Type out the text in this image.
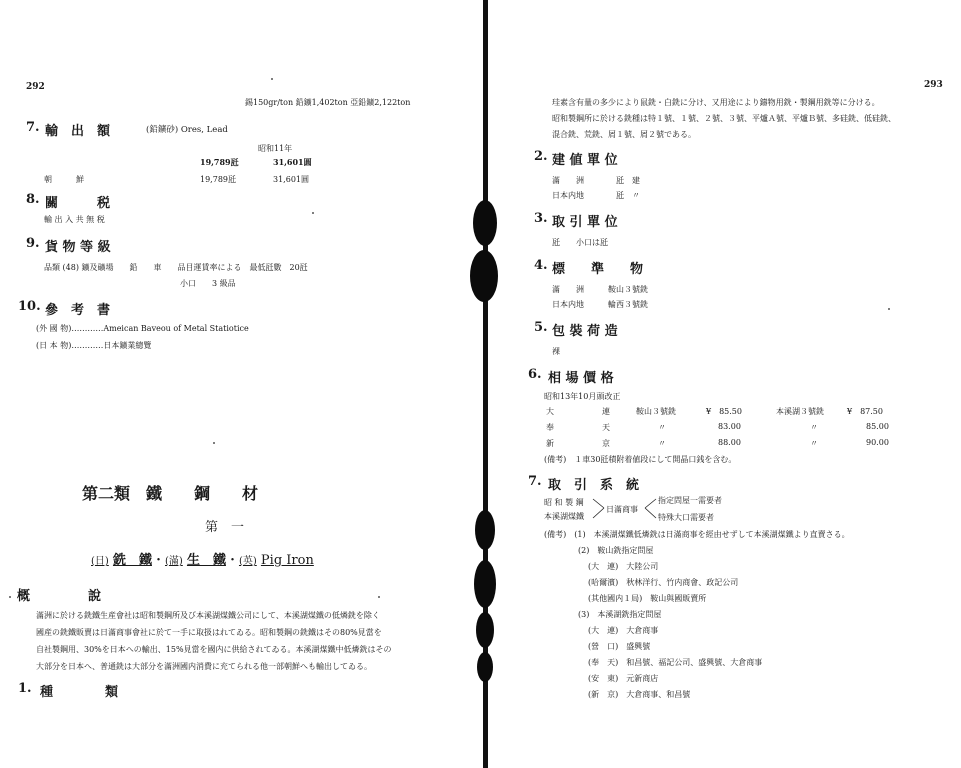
292
錫150gr/ton 鉛鑛1,402ton 亞鉛鑛2,122ton
7. 輸　出　額	(鉛鑛砂) Ores, Lead
昭和11年
19,789瓩	31,601圓
朝　　　鮮	19,789瓩	31,601圓
8. 關　　　税
輸 出 入 共 無 税
9. 貨 物 等 級
品類 (48) 鑛及礦場　　鉛　　車　　品目運賃率による　最低瓩數　20瓩
小口　　3 級品
10. 參　考　書
(外 國 物)…………Ameican Baveou of Metal Statiotice
(日 本 物)…………日本鑛業總覽
第二類　鐵　　鋼　　材
第　一
(日) 銑　鐵・(滿) 生　鐵・(英) Pig Iron
概	說
滿洲に於ける銑鐵生産會社は昭和製鋼所及び本溪湖煤鐵公司にして、本溪湖煤鐵の低燐銑を除く
國産の銑鐵販賣は日滿商事會社に於て一手に取扱はれてゐる。昭和製鋼の銑鐵はその80%見當を
自社製鋼用、30%を日本への輸出、15%見當を國内に供給されてゐる。本溪湖煤鐵中低燐銑はその
大部分を日本へ、普通銑は大部分を滿洲國内消費に充てられる他一部朝鮮へも輸出してゐる。
1. 種　　　　類
293
珪素含有量の多少により鼠銑・白銑に分け、又用途により鑄物用銑・製鋼用銑等に分ける。
昭和製鋼所に於ける銑種は特１號、１號、２號、３號、平爐Ａ號、平爐Ｂ號、多硅銑、低硅銑、
混合銑、荒銑、屑１號、屑２號である。
2. 建 値 單 位
滿　　洲	瓩　建
日本内地	瓩　〃
3. 取 引 單 位
瓩　　小口は瓩
4. 標　　準　　物
滿　　洲	鞍山３號銑
日本内地	輪西３號銑
5. 包 裝 荷 造
裸
6. 相 場 價 格
昭和13年10月頭改正
大	連	鞍山３號銑	¥　85.50	本溪湖３號銑	¥　87.50
奉	天	〃	83.00	〃	85.00
新	京	〃	88.00	〃	90.00
(備考)　１車30瓩積附着値段にして開晶口銭を含む。
7. 取　引　系　統
昭 和 製 鋼
本溪湖煤鐵
日滿商事
指定問屋一需要者
特殊大口需要者
(備考)　(1)　本溪湖煤鐵低燐銑は日滿商事を經由せずして本溪湖煤鐵より直賣さる。
(2)　鞍山銑指定問屋
(大　連)　大陸公司
(哈爾濱)　秋林洋行、竹内商會、政記公司
(其他國内１局)　鞍山與國販賣所
(3)　本溪湖銑指定問屋
(大　連)　大倉商事
(營　口)　盛興號
(奉　天)　和昌號、福記公司、盛興號、大倉商事
(安　東)　元新商店
(新　京)　大倉商事、和昌號
